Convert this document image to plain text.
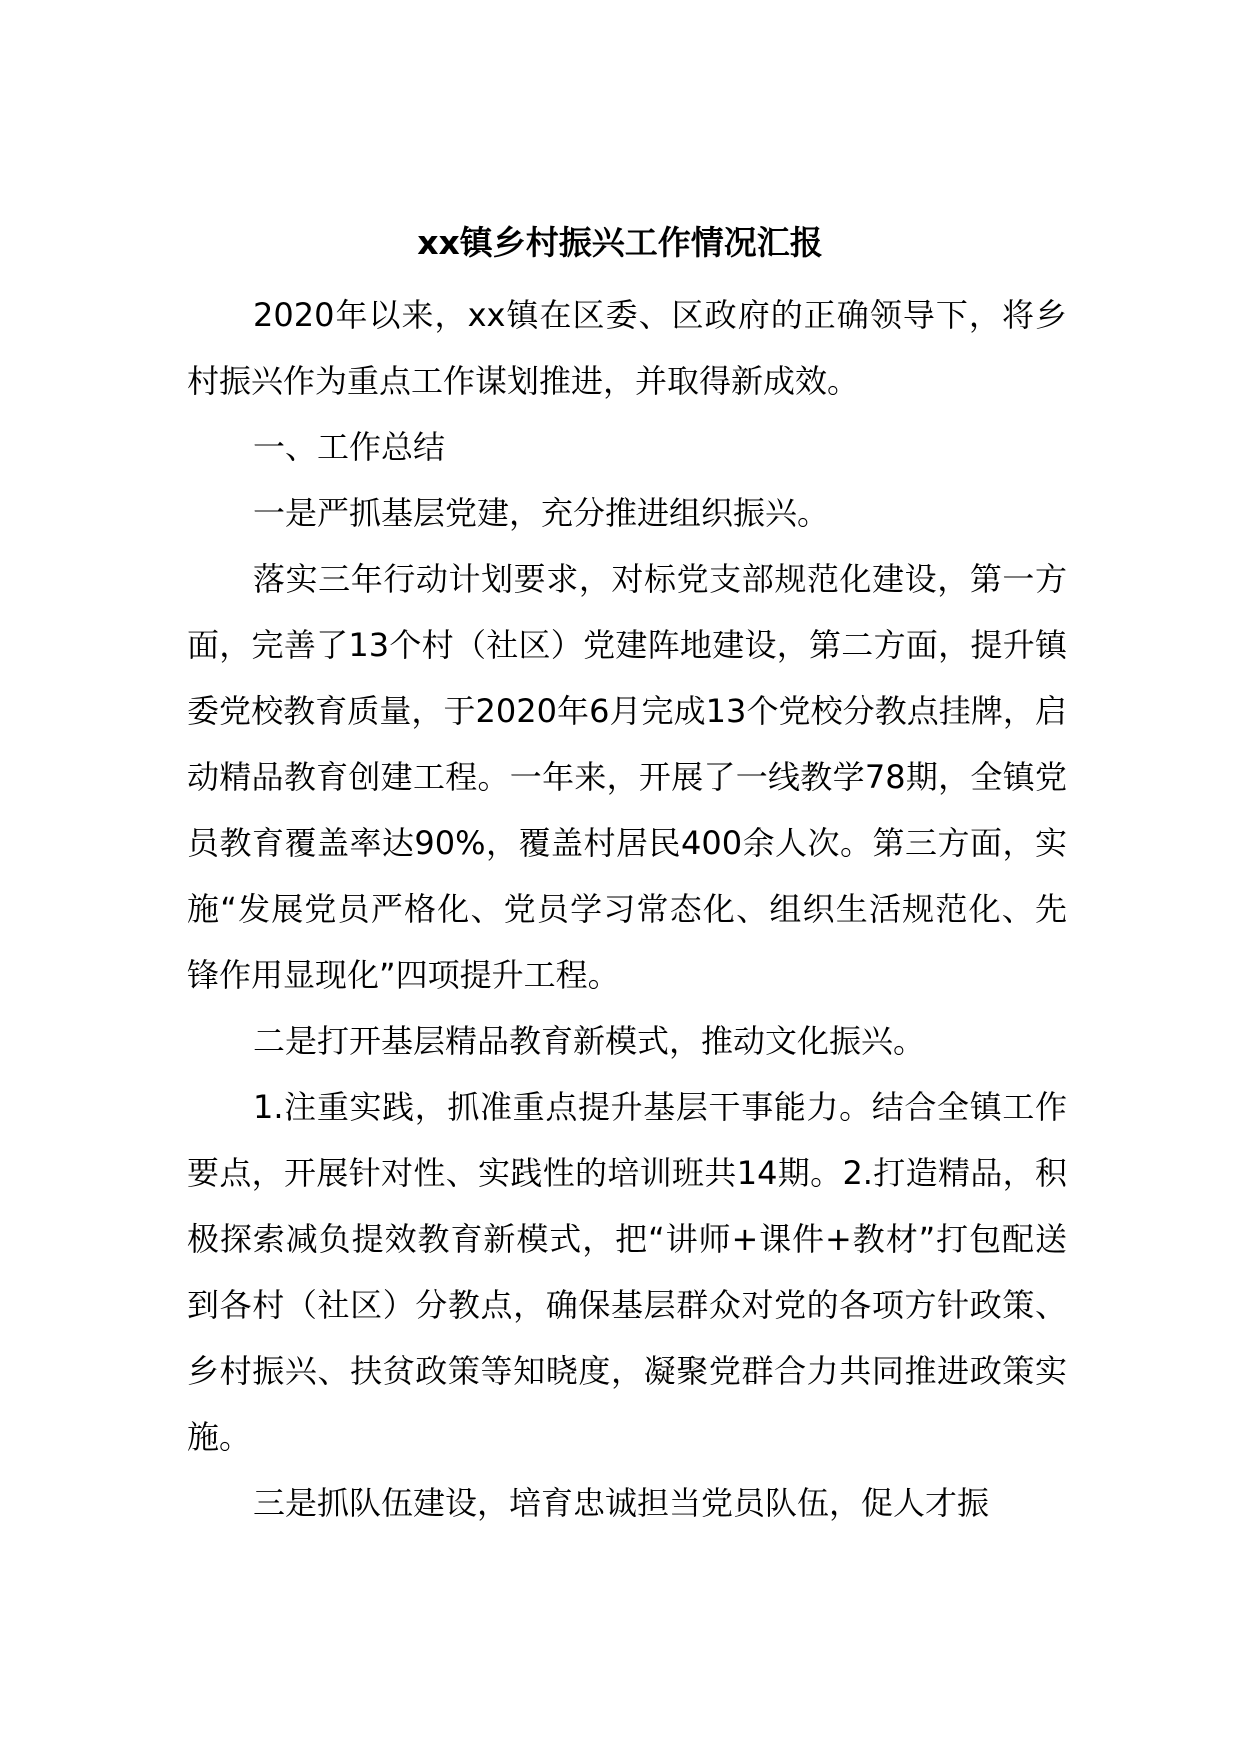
xx镇乡村振兴工作情况汇报

2020年以来，xx镇在区委、区政府的正确领导下，将乡村振兴作为重点工作谋划推进，并取得新成效。

一、工作总结

一是严抓基层党建，充分推进组织振兴。

落实三年行动计划要求，对标党支部规范化建设，第一方面，完善了13个村（社区）党建阵地建设，第二方面，提升镇委党校教育质量，于2020年6月完成13个党校分教点挂牌，启动精品教育创建工程。一年来，开展了一线教学78期，全镇党员教育覆盖率达90%，覆盖村居民400余人次。第三方面，实施“发展党员严格化、党员学习常态化、组织生活规范化、先锋作用显现化”四项提升工程。

二是打开基层精品教育新模式，推动文化振兴。

1.注重实践，抓准重点提升基层干事能力。结合全镇工作要点，开展针对性、实践性的培训班共14期。2.打造精品，积极探索减负提效教育新模式，把“讲师+课件+教材”打包配送到各村（社区）分教点，确保基层群众对党的各项方针政策、乡村振兴、扶贫政策等知晓度，凝聚党群合力共同推进政策实施。

三是抓队伍建设，培育忠诚担当党员队伍，促人才振
